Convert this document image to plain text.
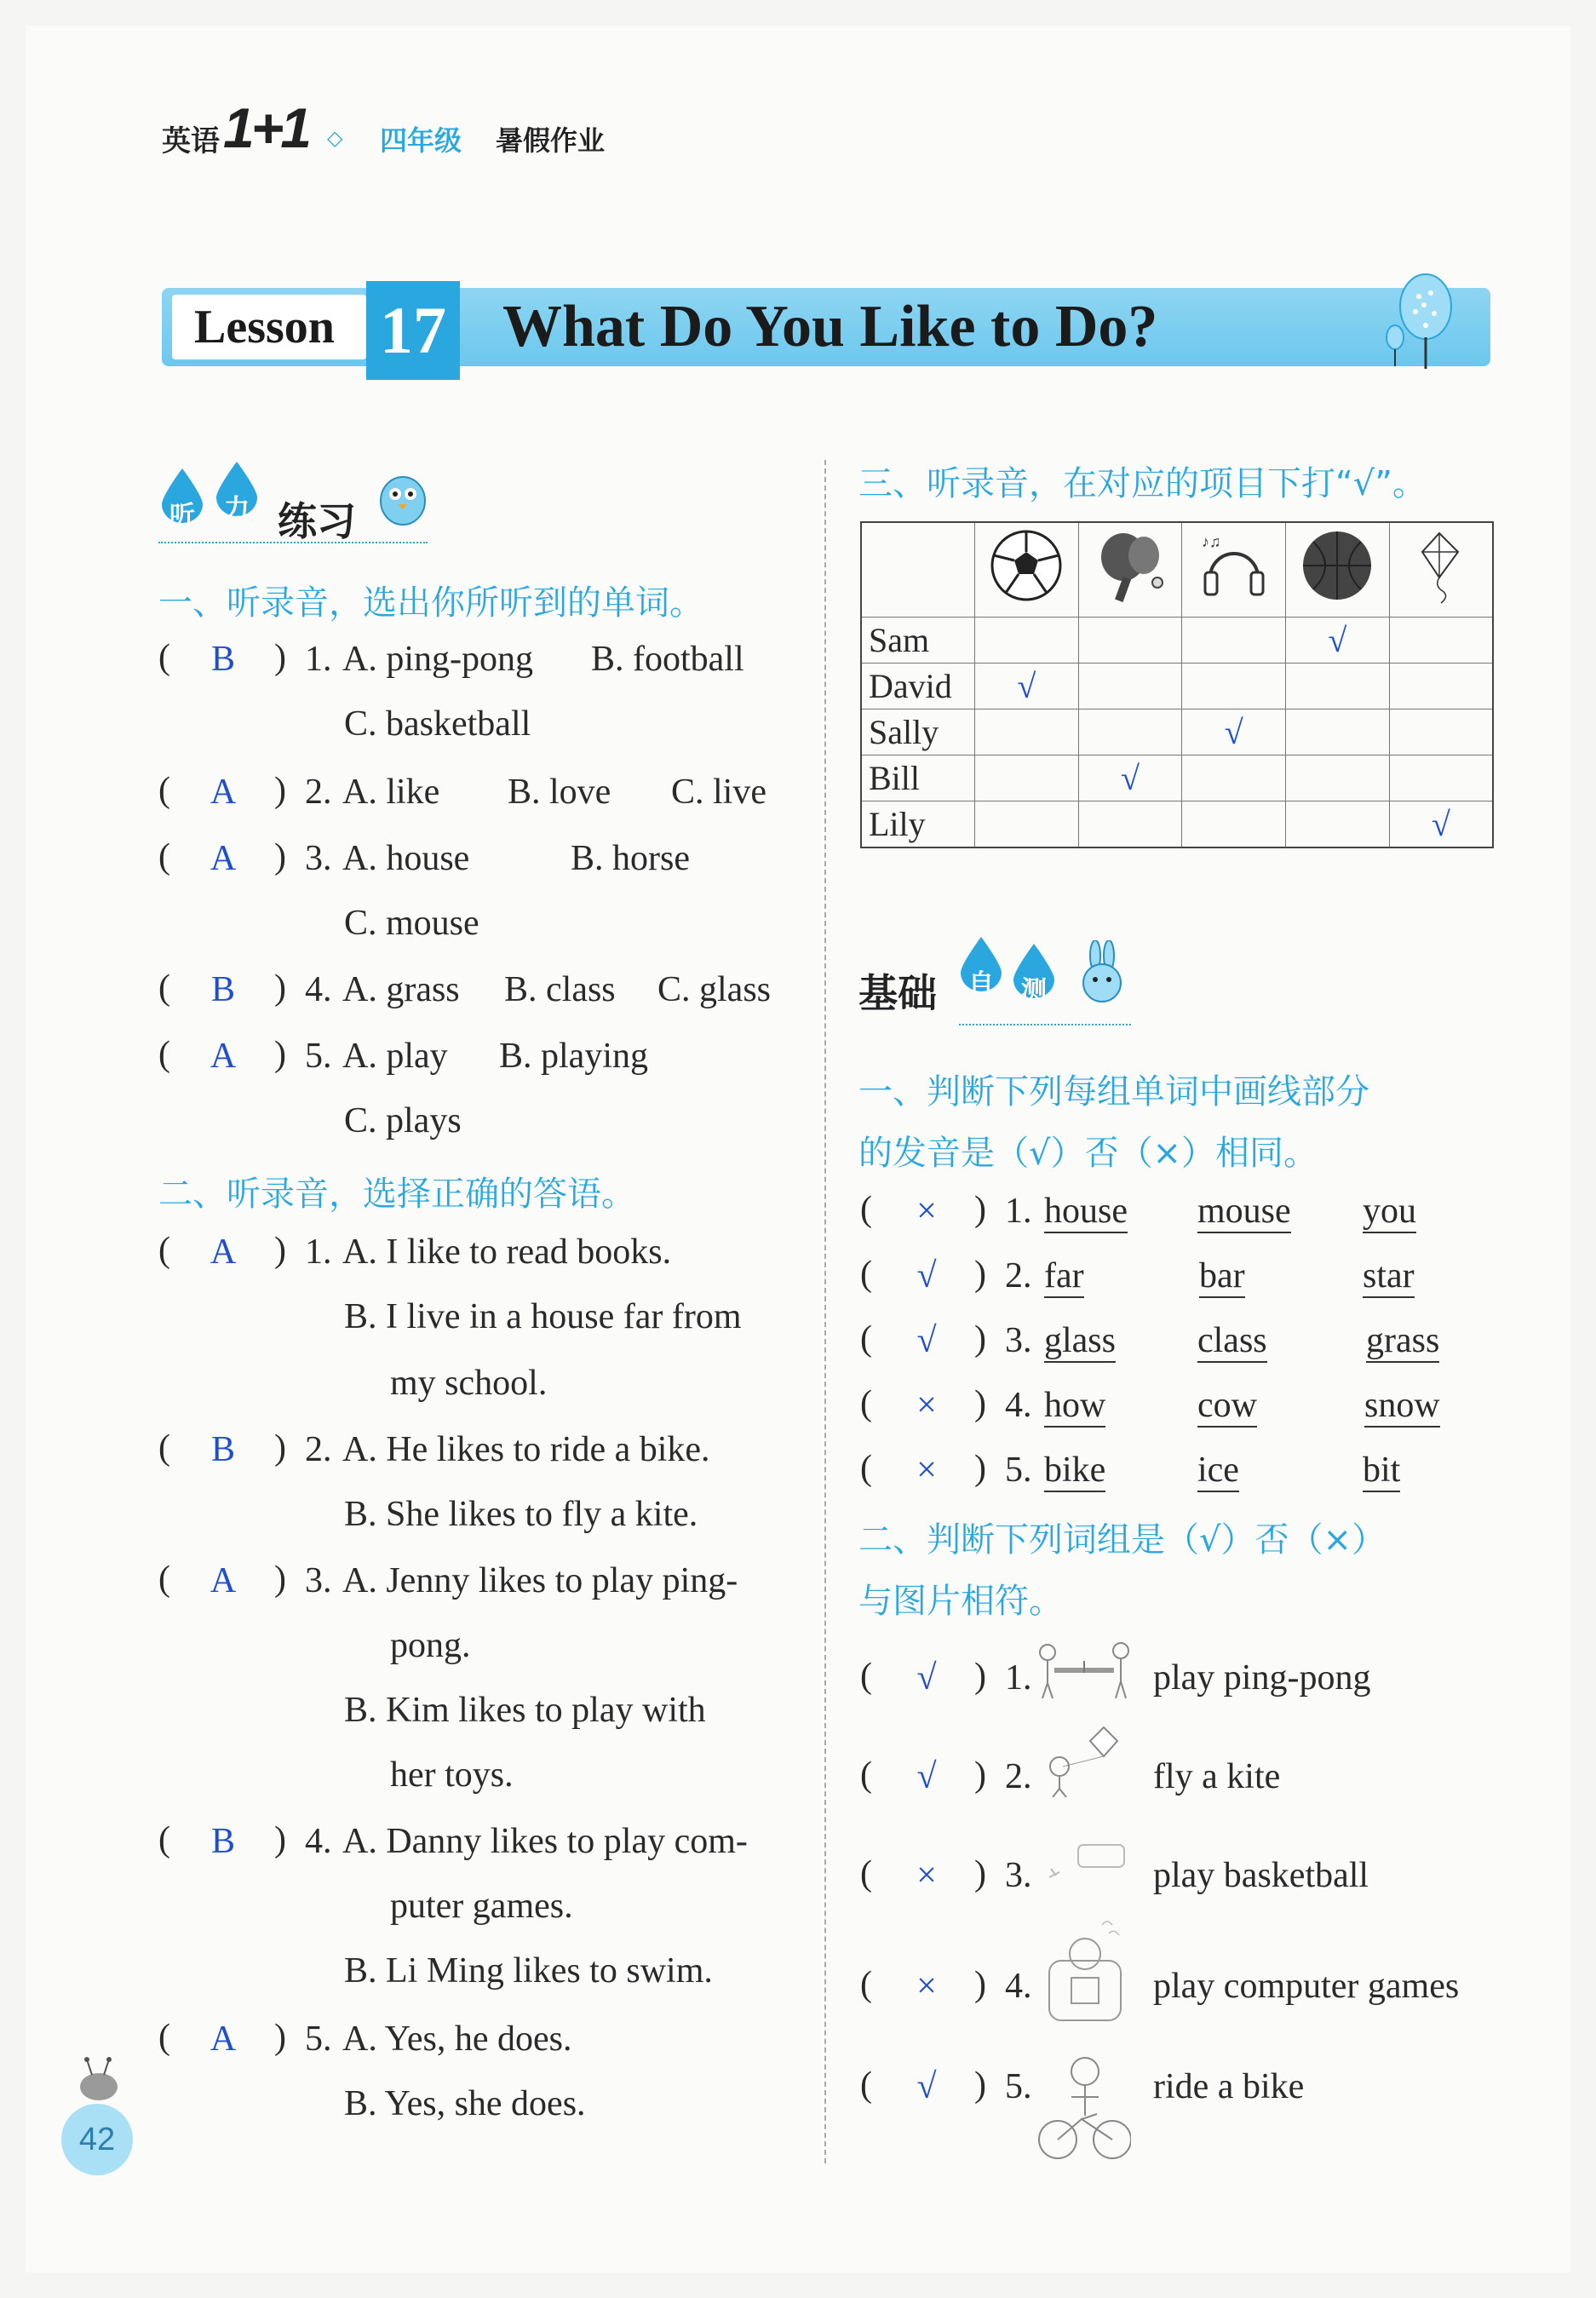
英语 1+1 ◇ 四年级 暑假作业
Lesson 17 What Do You Like to Do?
听 力 练习
一、听录音，选出你所听到的单词。
(	B	) 1. A. ping-pong B. football
C. basketball
(	A	) 2. A. like B. love C. live
(	A	) 3. A. house	B. horse
C. mouse
(	B	) 4. A. grass B. class C. glass
(	A	) 5. A. play B. playing
C. plays
二、听录音，选择正确的答语。
(	A	) 1. A. I like to read books.
B. I live in a house far from
my school.
(	B	) 2. A. He likes to ride a bike.
B. She likes to fly a kite.
(	A	) 3. A. Jenny likes to play ping-
pong.
B. Kim likes to play with
her toys.
(	B	) 4. A. Danny likes to play com-
puter games.
B. Li Ming likes to swim.
(	A	) 5. A. Yes, he does.
B. Yes, she does.
42
三、听录音，在对应的项目下打“√”。

♪♫

Sam				√	
David	√				
Sally			√		
Bill		√			
Lily					√
基础 自 测
一、判断下列每组单词中画线部分
的发音是（√）否（×）相同。
(	×	) 1. house mouse you
(	√	) 2. far	bar	star
(	√	) 3. glass class	grass
(	×	) 4. how	cow	snow
(	×	) 5. bike	ice	bit
二、判断下列词组是（√）否（×）
与图片相符。
(	√	) 1.	play ping-pong
(	√	) 2.	fly a kite
(	×	) 3.	play basketball
(	×	) 4.	play computer games
(	√	) 5.	ride a bike
